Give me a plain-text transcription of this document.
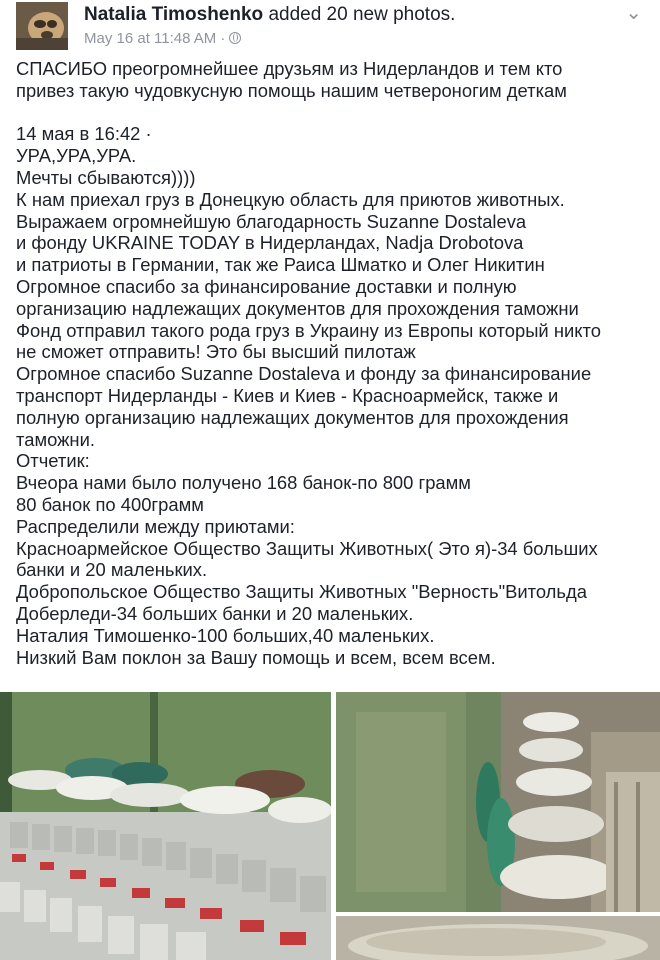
Natalia Timoshenko added 20 new photos.
May 16 at 11:48 AM ·
⌄
СПАСИБО преогромнейшее друзьям из Нидерландов и тем кто
привез такую чудовкусную помощь нашим четвероногим деткам
14 мая в 16:42 ·
УРА,УРА,УРА.
Мечты сбываются))))
К нам приехал груз в Донецкую область для приютов животных.
Выражаем огромнейшую благодарность Suzanne Dostaleva
и фонду UKRAINE TODAY в Нидерландах, Nadja Drobotova
и патриоты в Германии, так же Раиса Шматко и Олег Никитин
Огромное спасибо за финансирование доставки и полную
организацию надлежащих документов для прохождения таможни
Фонд отправил такого рода груз в Украину из Европы который никто
не сможет отправить! Это бы высший пилотаж
Огромное спасибо Suzanne Dostaleva и фонду за финансирование
транспорт Нидерланды - Киев и Киев - Красноармейск, также и
полную организацию надлежащих документов для прохождения
таможни.
Отчетик:
Вчеора нами было получено 168 банок-по 800 грамм
80 банок по 400грамм
Распределили между приютами:
Красноармейское Общество Защиты Животных( Это я)-34 больших
банки и 20 маленьких.
Добропольское Общество Защиты Животных "Верность"Витольда
Доберледи-34 больших банки и 20 маленьких.
Наталия Тимошенко-100 больших,40 маленьких.
Низкий Вам поклон за Вашу помощь и всем, всем всем.
